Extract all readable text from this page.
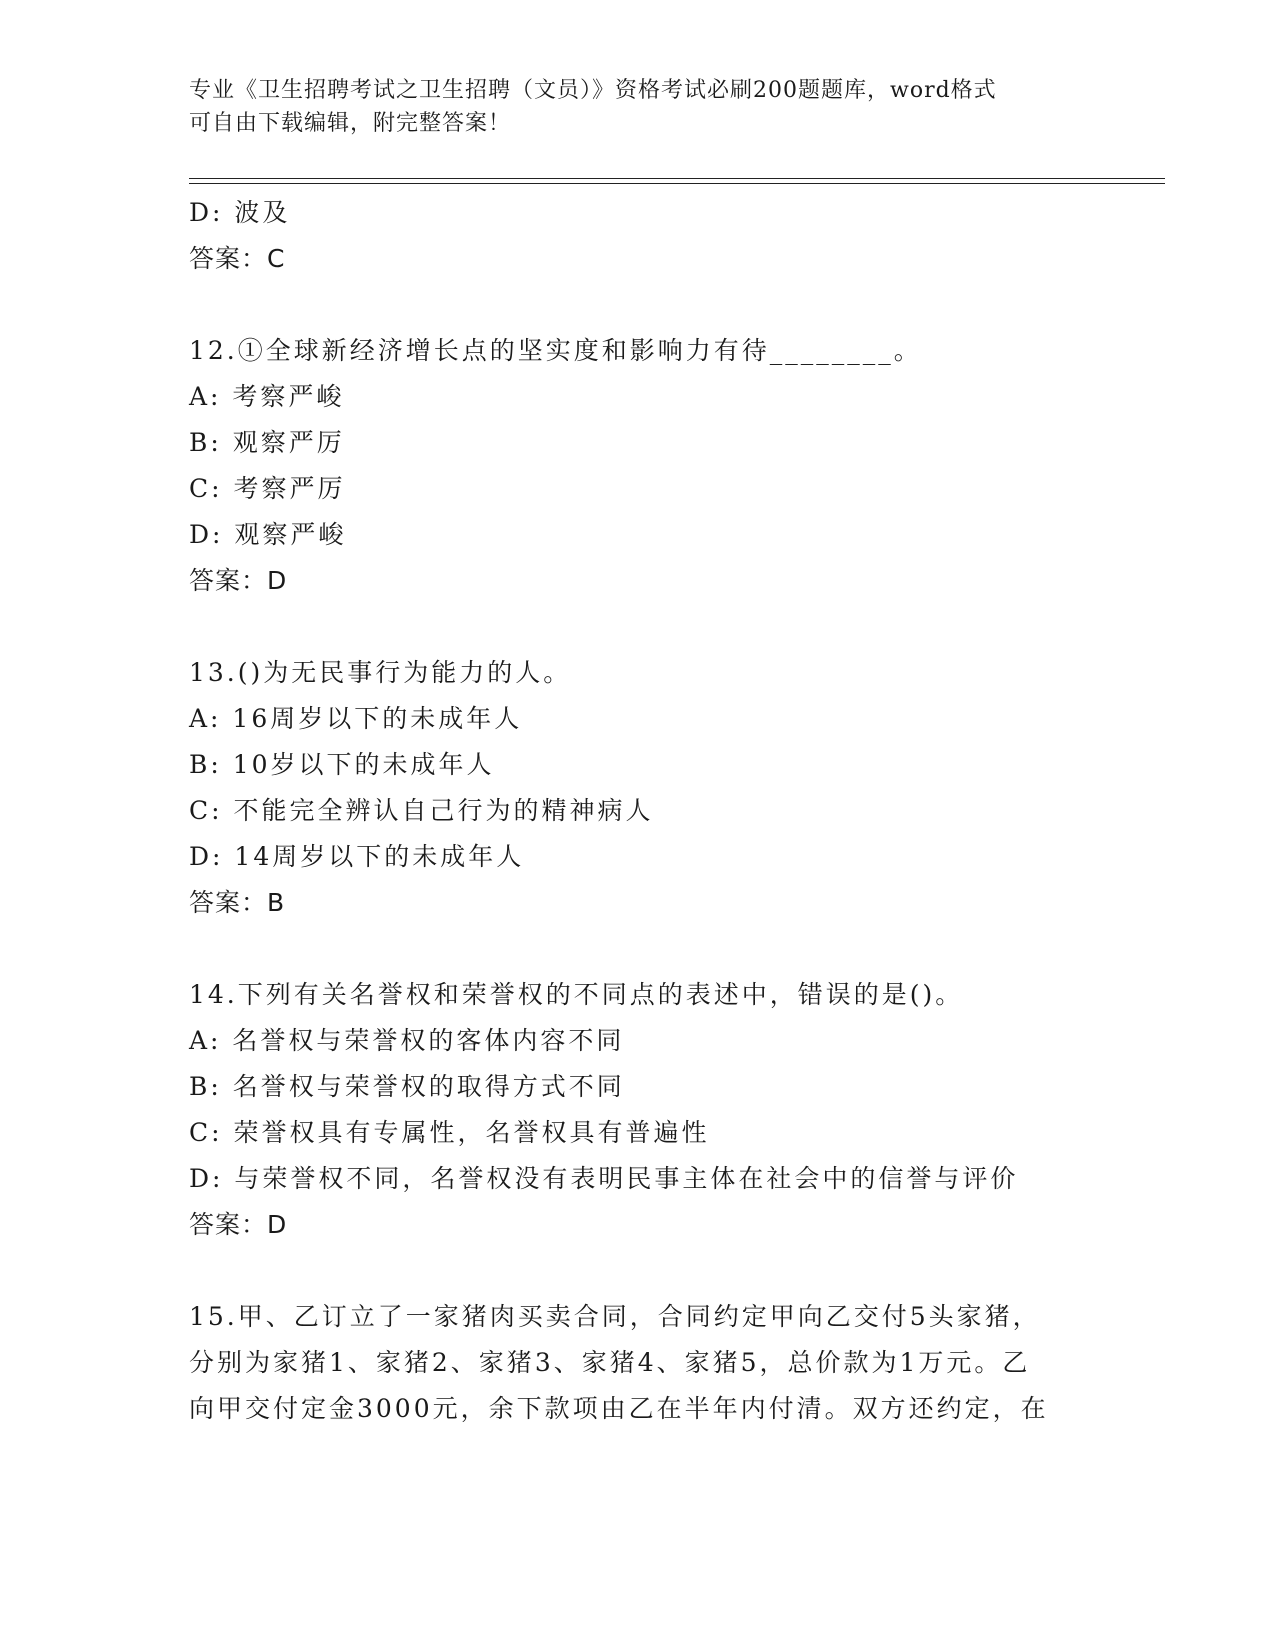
专业《卫生招聘考试之卫生招聘（文员）》资格考试必刷200题题库，word格式
可自由下载编辑，附完整答案！
D: 波及
答案：C
12.①全球新经济增长点的坚实度和影响力有待________。
A: 考察严峻
B: 观察严厉
C: 考察严厉
D: 观察严峻
答案：D
13.()为无民事行为能力的人。
A: 16周岁以下的未成年人
B: 10岁以下的未成年人
C: 不能完全辨认自己行为的精神病人
D: 14周岁以下的未成年人
答案：B
14.下列有关名誉权和荣誉权的不同点的表述中，错误的是()。
A: 名誉权与荣誉权的客体内容不同
B: 名誉权与荣誉权的取得方式不同
C: 荣誉权具有专属性，名誉权具有普遍性
D: 与荣誉权不同，名誉权没有表明民事主体在社会中的信誉与评价
答案：D
15.甲、乙订立了一家猪肉买卖合同，合同约定甲向乙交付5头家猪，
分别为家猪1、家猪2、家猪3、家猪4、家猪5，总价款为1万元。乙
向甲交付定金3000元，余下款项由乙在半年内付清。双方还约定，在
